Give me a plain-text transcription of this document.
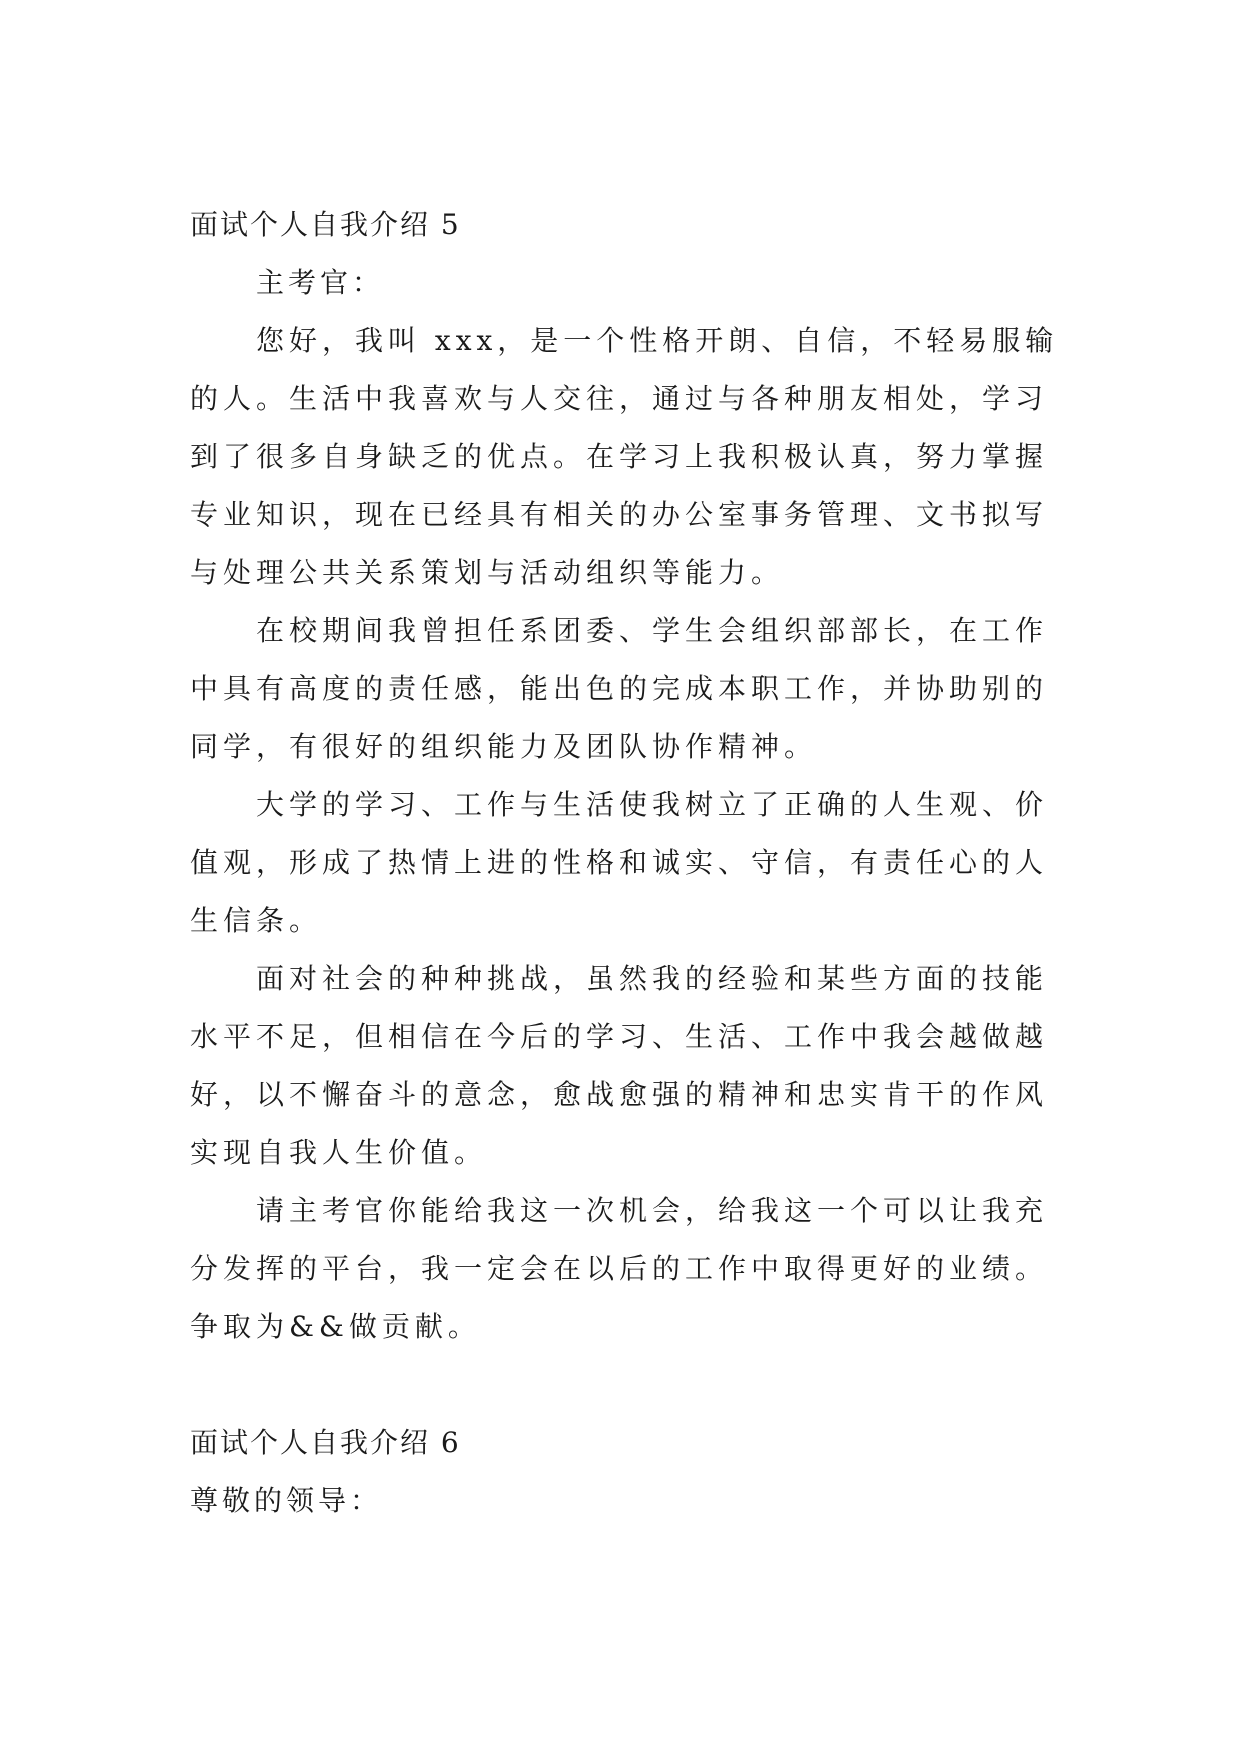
面试个人自我介绍 5
主考官：
您好，我叫 xxx，是一个性格开朗、自信，不轻易服输
的人。生活中我喜欢与人交往，通过与各种朋友相处，学习
到了很多自身缺乏的优点。在学习上我积极认真，努力掌握
专业知识，现在已经具有相关的办公室事务管理、文书拟写
与处理公共关系策划与活动组织等能力。
在校期间我曾担任系团委、学生会组织部部长，在工作
中具有高度的责任感，能出色的完成本职工作，并协助别的
同学，有很好的组织能力及团队协作精神。
大学的学习、工作与生活使我树立了正确的人生观、价
值观，形成了热情上进的性格和诚实、守信，有责任心的人
生信条。
面对社会的种种挑战，虽然我的经验和某些方面的技能
水平不足，但相信在今后的学习、生活、工作中我会越做越
好，以不懈奋斗的意念，愈战愈强的精神和忠实肯干的作风
实现自我人生价值。
请主考官你能给我这一次机会，给我这一个可以让我充
分发挥的平台，我一定会在以后的工作中取得更好的业绩。
争取为&&做贡献。
面试个人自我介绍 6
尊敬的领导：
